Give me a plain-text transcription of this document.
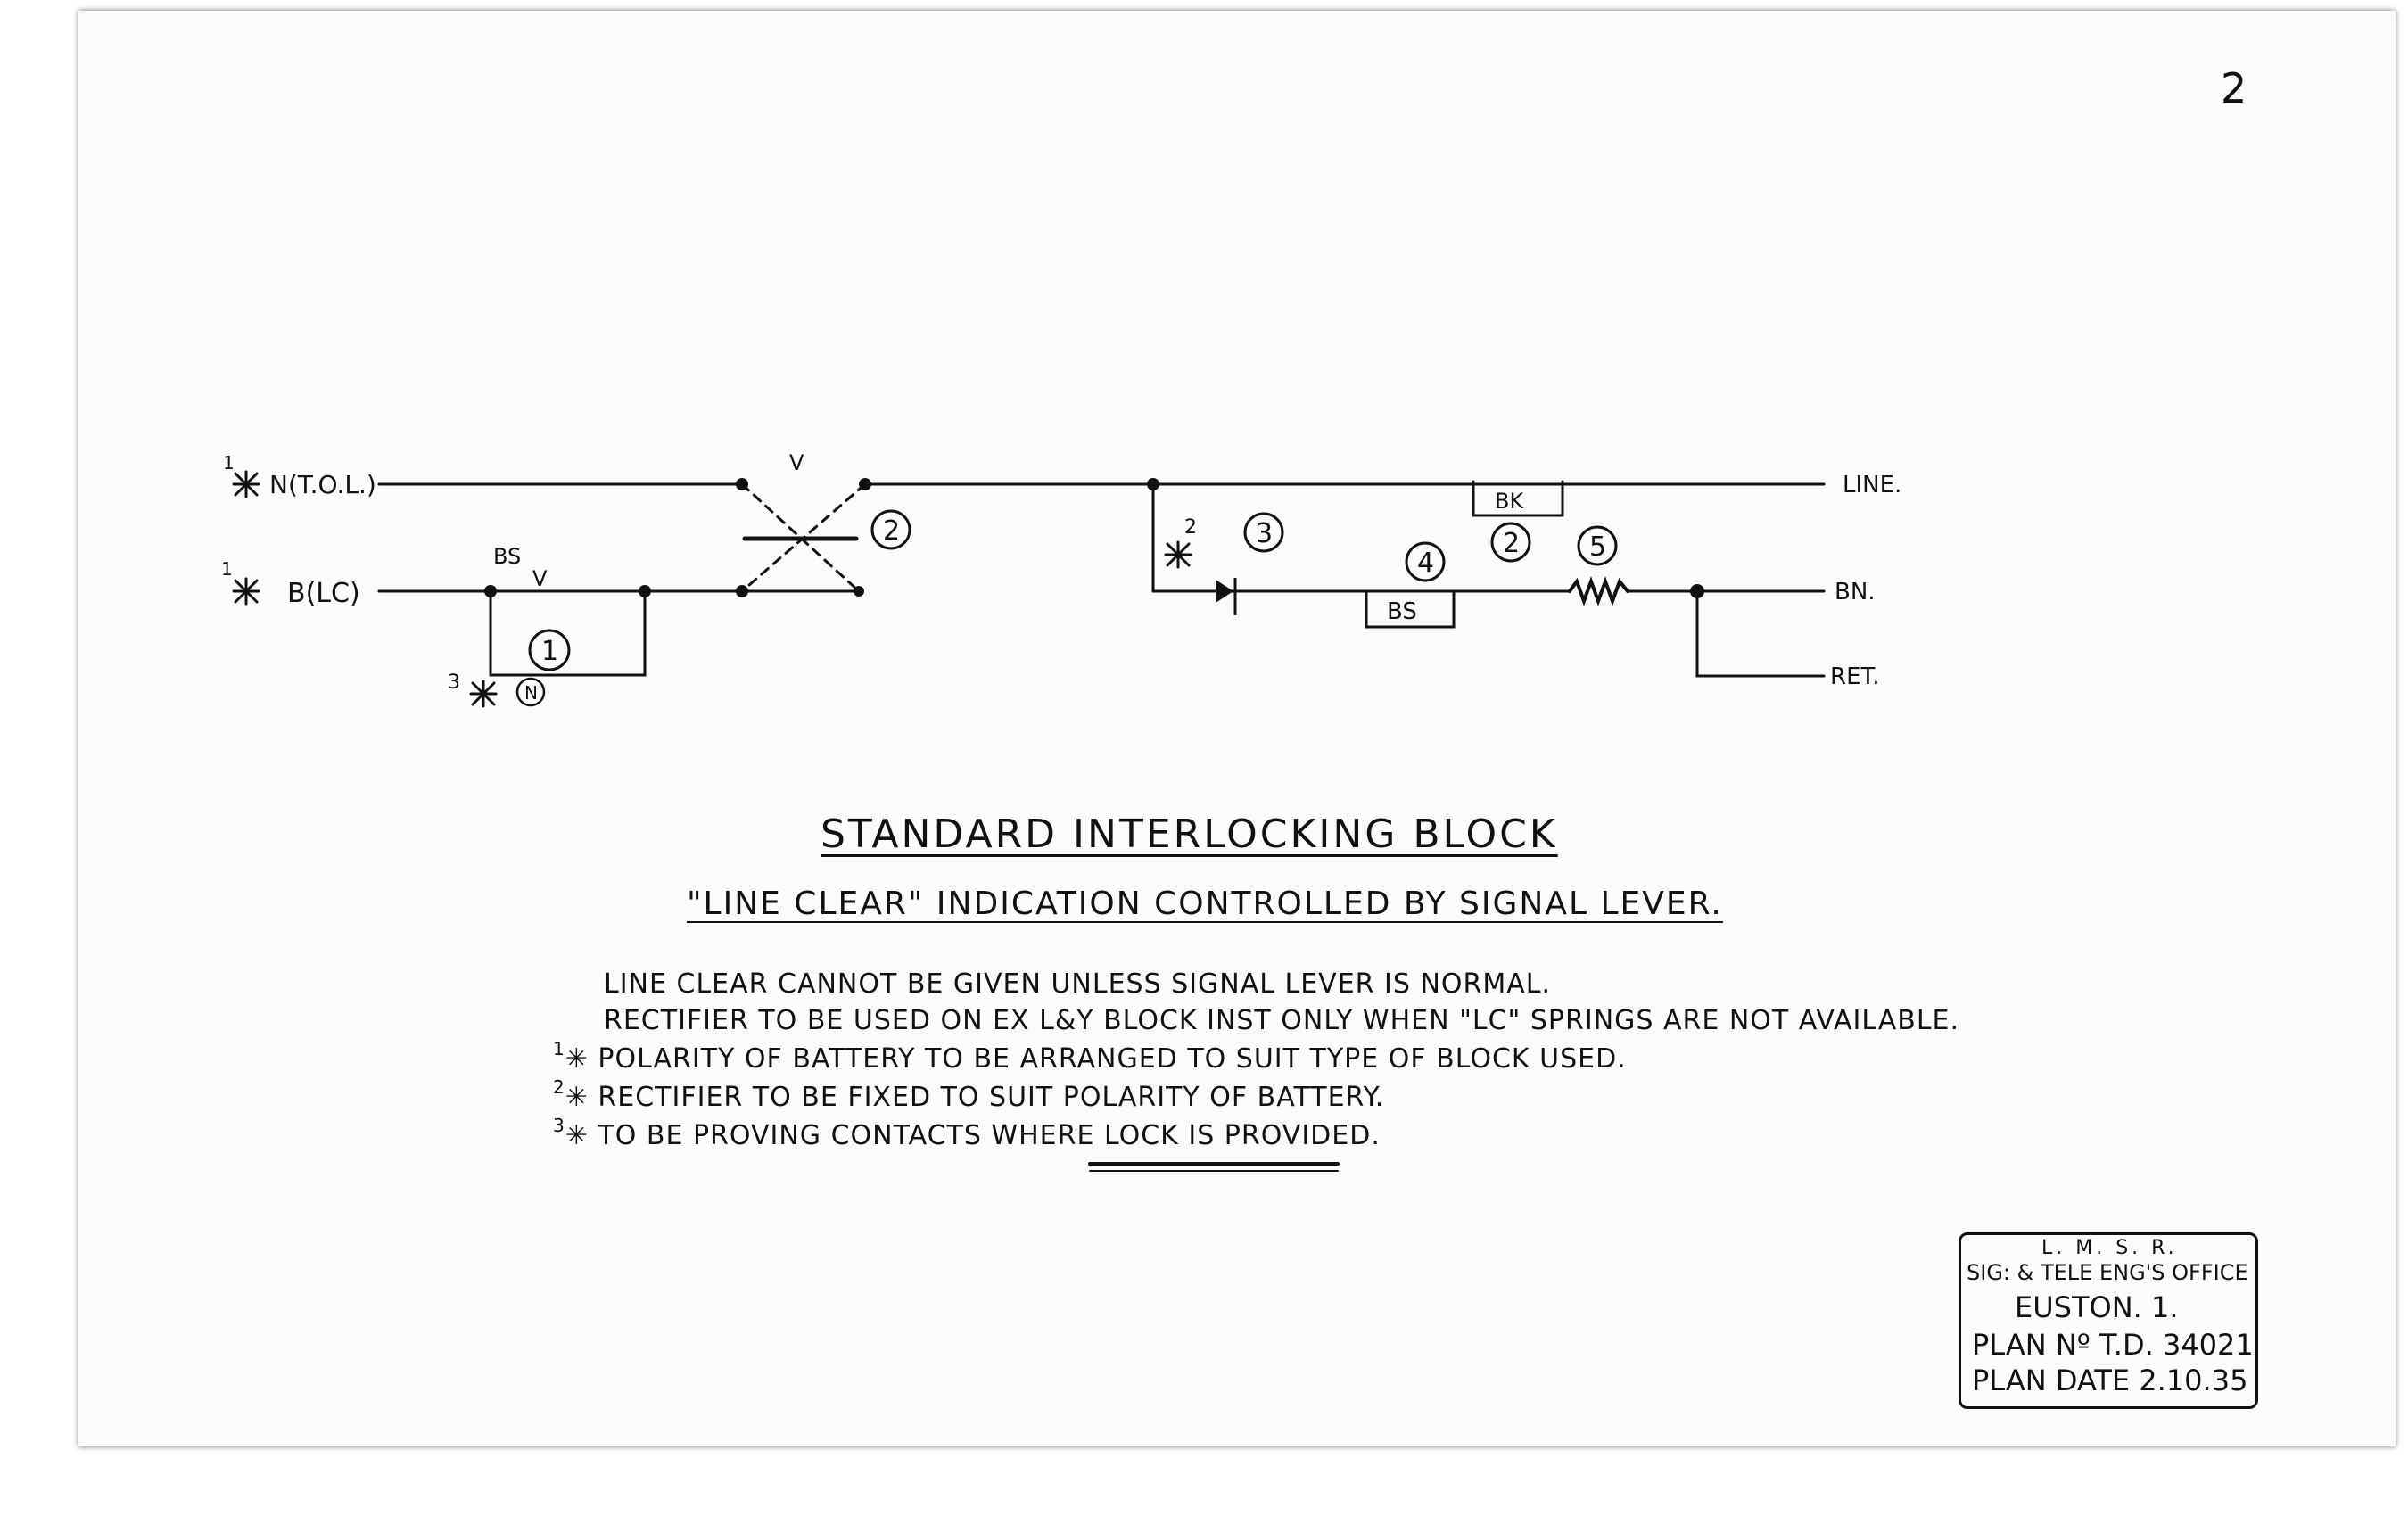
1
N(T.O.L.)
1
B(LC)
BS
V
V
1
2	2
3
4
5
N
3
2
BK
BS
LINE.
BN.
RET.
2
STANDARD INTERLOCKING BLOCK
"LINE CLEAR" INDICATION CONTROLLED BY SIGNAL LEVER.
LINE CLEAR CANNOT BE GIVEN UNLESS SIGNAL LEVER IS NORMAL.
RECTIFIER TO BE USED ON EX L&Y BLOCK INST ONLY WHEN "LC" SPRINGS ARE NOT AVAILABLE.
$^1$✳ POLARITY OF BATTERY TO BE ARRANGED TO SUIT TYPE OF BLOCK USED.
$^2$✳ RECTIFIER TO BE FIXED TO SUIT POLARITY OF BATTERY.
$^3$✳ TO BE PROVING CONTACTS WHERE LOCK IS PROVIDED.
L. M. S. R.
SIG: & TELE ENG'S OFFICE
EUSTON. 1.
PLAN Nº T.D. 34021
PLAN DATE 2.10.35
